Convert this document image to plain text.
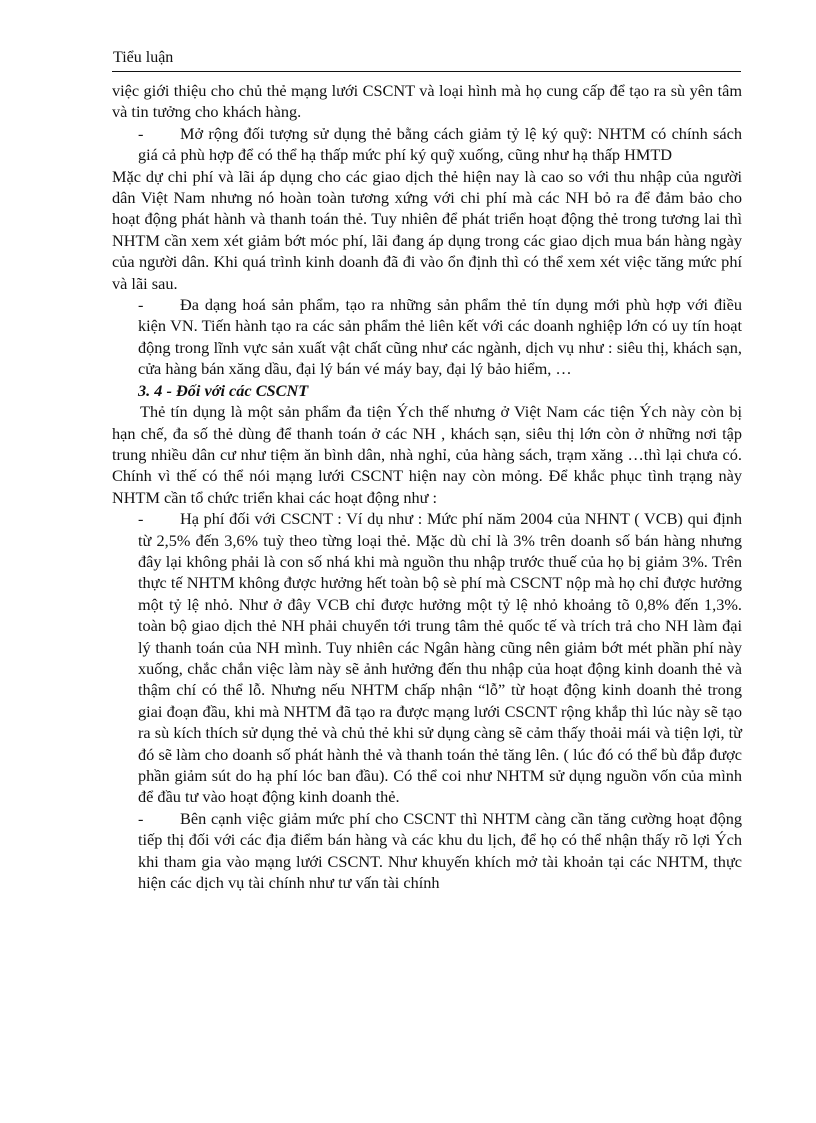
Tiểu luận

việc giới thiệu cho chủ thẻ mạng lưới CSCNT và loại hình mà họ cung cấp để tạo ra sù yên tâm và tin tưởng cho khách hàng.

- Mở rộng đối tượng sử dụng thẻ bằng cách giảm tỷ lệ ký quỹ: NHTM có chính sách giá cả phù hợp để có thể hạ thấp mức phí ký quỹ xuống, cũng như hạ thấp HMTD

Mặc dự chi phí và lãi áp dụng cho các giao dịch thẻ hiện nay là cao so với thu nhập của người dân Việt Nam nhưng nó hoàn toàn tương xứng với chi phí mà các NH bỏ ra để đảm bảo cho hoạt động phát hành và thanh toán thẻ. Tuy nhiên để phát triển hoạt động thẻ trong tương lai thì NHTM cần xem xét giảm bớt móc phí, lãi đang áp dụng trong các giao dịch mua bán hàng ngày của người dân. Khi quá trình kinh doanh đã đi vào ổn định thì có thể xem xét việc tăng mức phí và lãi sau.

- Đa dạng hoá sản phẩm, tạo ra những sản phẩm thẻ tín dụng mới phù hợp với điều kiện VN. Tiến hành tạo ra các sản phẩm thẻ liên kết với các doanh nghiệp lớn có uy tín hoạt động trong lĩnh vực sản xuất vật chất cũng như các ngành, dịch vụ như : siêu thị, khách sạn, cửa hàng bán xăng dầu, đại lý bán vé máy bay, đại lý bảo hiểm, …

3. 4 - Đối với các CSCNT

Thẻ tín dụng là một sản phẩm đa tiện Ých thế nhưng ở Việt Nam các tiện Ých này còn bị hạn chế, đa số thẻ dùng để thanh toán ở các NH , khách sạn, siêu thị lớn còn ở những nơi tập trung nhiều dân cư như tiệm ăn bình dân, nhà nghỉ, của hàng sách, trạm xăng …thì lại chưa có. Chính vì thế có thể nói mạng lưới CSCNT hiện nay còn mỏng. Để khắc phục tình trạng này NHTM cần tổ chức triển khai các hoạt động như :

- Hạ phí đối với CSCNT : Ví dụ như : Mức phí năm 2004 của NHNT ( VCB) qui định từ 2,5% đến 3,6% tuỳ theo từng loại thẻ. Mặc dù chỉ là 3% trên doanh số bán hàng nhưng đây lại không phải là con số nhá khi mà nguồn thu nhập trước thuế của họ bị giảm 3%. Trên thực tế NHTM không được hưởng hết toàn bộ sè phí mà CSCNT nộp mà họ chỉ được hưởng một tỷ lệ nhỏ. Như ở đây VCB chỉ được hưởng một tỷ lệ nhỏ khoảng tõ 0,8% đến 1,3%. toàn bộ giao dịch thẻ NH phải chuyển tới trung tâm thẻ quốc tế và trích trả cho NH làm đại lý thanh toán của NH mình. Tuy nhiên các Ngân hàng cũng nên giảm bớt mét phần phí này xuống, chắc chắn việc làm này sẽ ảnh hưởng đến thu nhập của hoạt động kinh doanh thẻ và thậm chí có thể lỗ. Nhưng nếu NHTM chấp nhận “lỗ” từ hoạt động kinh doanh thẻ trong giai đoạn đầu, khi mà NHTM đã tạo ra được mạng lưới CSCNT rộng khắp thì lúc này sẽ tạo ra sù kích thích sử dụng thẻ và chủ thẻ khi sử dụng càng sẽ cảm thấy thoải mái và tiện lợi, từ đó sẽ làm cho doanh số phát hành thẻ và thanh toán thẻ tăng lên. ( lúc đó có thể bù đắp được phần giảm sút do hạ phí lóc ban đầu). Có thể coi như NHTM sử dụng nguồn vốn của mình để đầu tư vào hoạt động kinh doanh thẻ.

- Bên cạnh việc giảm mức phí cho CSCNT thì NHTM càng cần tăng cường hoạt động tiếp thị đối với các địa điểm bán hàng và các khu du lịch, để họ có thể nhận thấy rõ lợi Ých khi tham gia vào mạng lưới CSCNT. Như khuyến khích mở tài khoản tại các NHTM, thực hiện các dịch vụ tài chính như tư vấn tài chính
